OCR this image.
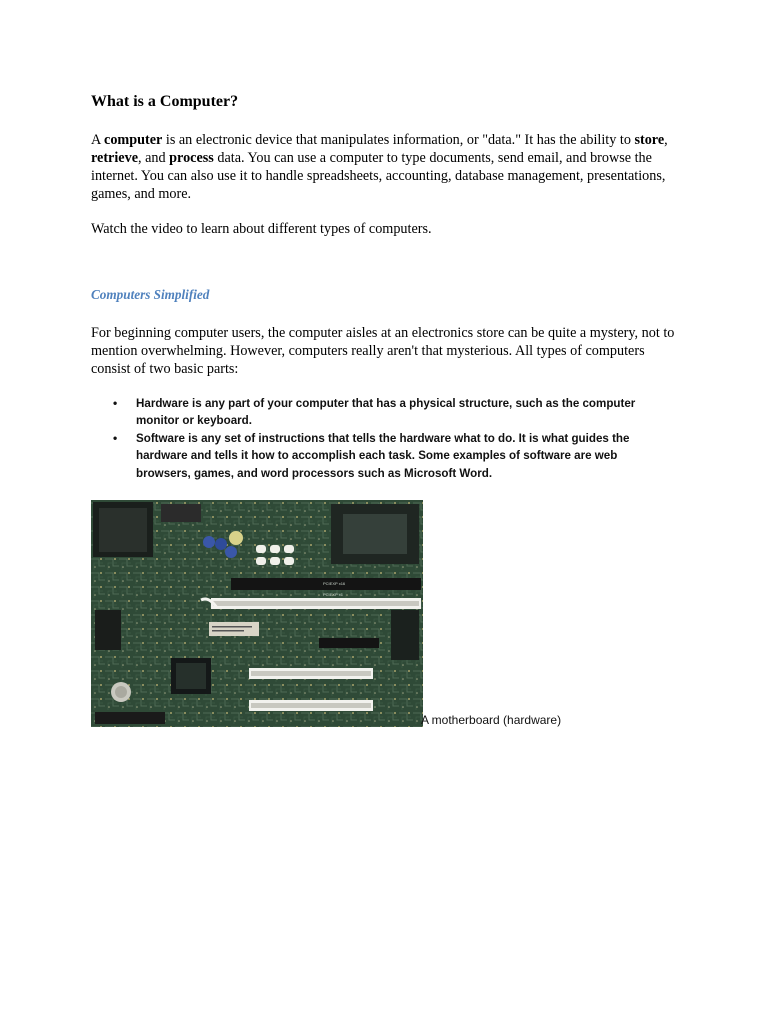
What is a Computer?

A computer is an electronic device that manipulates information, or "data." It has the ability to store, retrieve, and process data. You can use a computer to type documents, send email, and browse the internet. You can also use it to handle spreadsheets, accounting, database management, presentations, games, and more.

Watch the video to learn about different types of computers.

Computers Simplified

For beginning computer users, the computer aisles at an electronics store can be quite a mystery, not to mention overwhelming. However, computers really aren't that mysterious. All types of computers consist of two basic parts:

• Hardware is any part of your computer that has a physical structure, such as the computer monitor or keyboard.
• Software is any set of instructions that tells the hardware what to do. It is what guides the hardware and tells it how to accomplish each task. Some examples of software are web browsers, games, and word processors such as Microsoft Word.
PCIEXP x16
PCIEXP x1
A motherboard (hardware)
